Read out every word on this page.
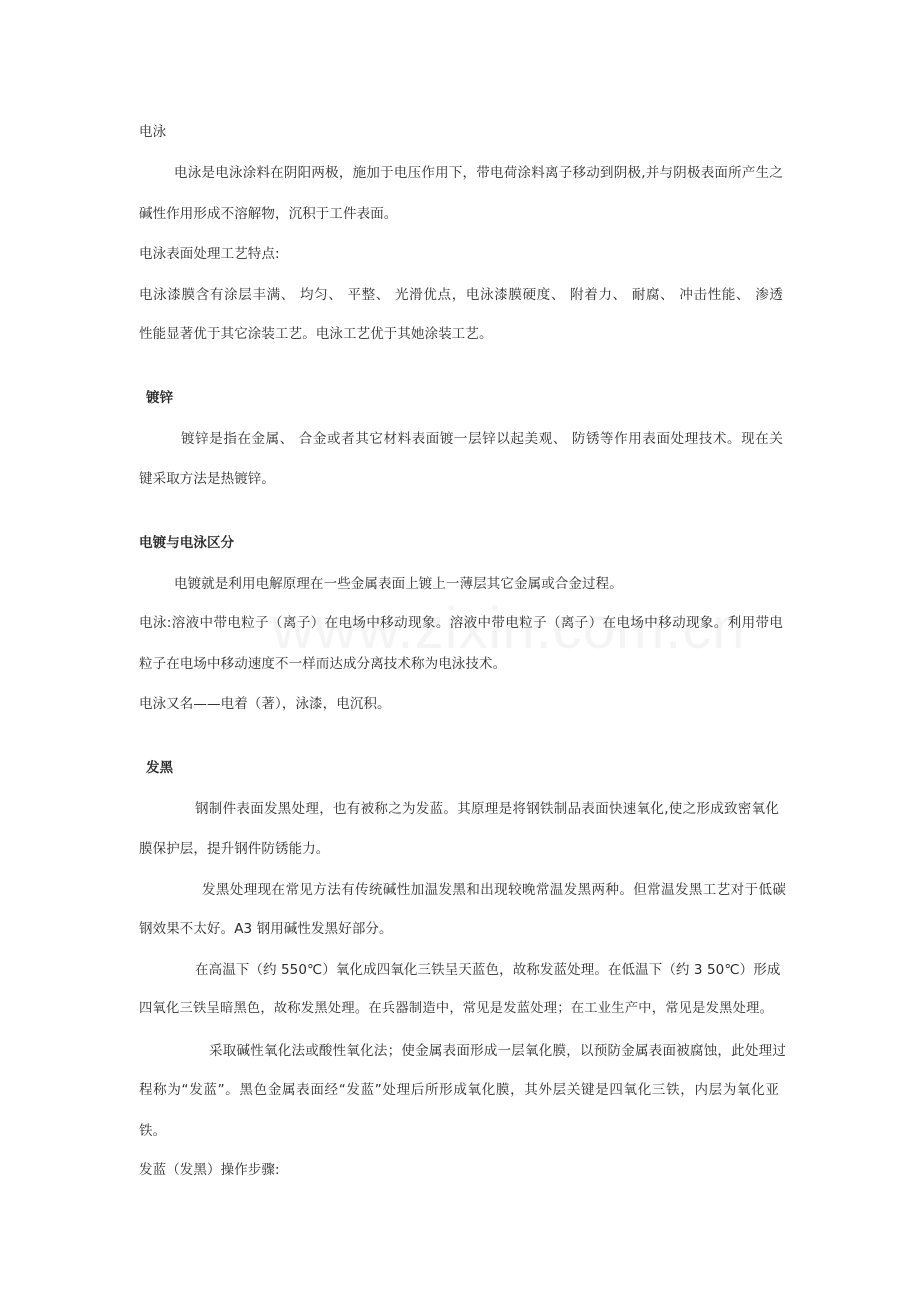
电泳
电泳是电泳涂料在阴阳两极，施加于电压作用下，带电荷涂料离子移动到阴极,并与阴极表面所产生之
碱性作用形成不溶解物，沉积于工件表面。
电泳表面处理工艺特点:
电泳漆膜含有涂层丰满、 均匀、 平整、 光滑优点，电泳漆膜硬度、 附着力、 耐腐、 冲击性能、 渗透
性能显著优于其它涂装工艺。电泳工艺优于其她涂装工艺。
镀锌
镀锌是指在金属、 合金或者其它材料表面镀一层锌以起美观、 防锈等作用表面处理技术。现在关
键采取方法是热镀锌。
电镀与电泳区分
电镀就是利用电解原理在一些金属表面上镀上一薄层其它金属或合金过程。
电泳:溶液中带电粒子（离子）在电场中移动现象。溶液中带电粒子（离子）在电场中移动现象。利用带电
粒子在电场中移动速度不一样而达成分离技术称为电泳技术。
电泳又名——电着（著），泳漆，电沉积。
发黑
钢制件表面发黑处理，也有被称之为发蓝。其原理是将钢铁制品表面快速氧化,使之形成致密氧化
膜保护层，提升钢件防锈能力。
发黑处理现在常见方法有传统碱性加温发黑和出现较晚常温发黑两种。但常温发黑工艺对于低碳
钢效果不太好。A3 钢用碱性发黑好部分。
在高温下（约 550℃）氧化成四氧化三铁呈天蓝色，故称发蓝处理。在低温下（约 3 50℃）形成
四氧化三铁呈暗黑色，故称发黑处理。在兵器制造中，常见是发蓝处理；在工业生产中，常见是发黑处理。
采取碱性氧化法或酸性氧化法；使金属表面形成一层氧化膜，以预防金属表面被腐蚀，此处理过
程称为“发蓝”。黑色金属表面经“发蓝”处理后所形成氧化膜，其外层关键是四氧化三铁，内层为氧化亚
铁。
发蓝（发黑）操作步骤:
